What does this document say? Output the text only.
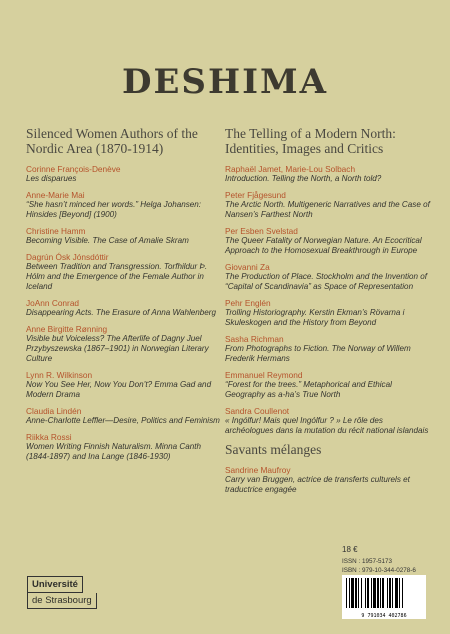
DESHIMA
Silenced Women Authors of the Nordic Area (1870-1914)
Corinne François-Denève
Les disparues
Anne-Marie Mai
“She hasn’t minced her words.” Helga Johansen: Hinsides [Beyond] (1900)
Christine Hamm
Becoming Visible. The Case of Amalie Skram
Dagrún Ósk Jónsdóttir
Between Tradition and Transgression. Torfhildur Þ. Hólm and the Emergence of the Female Author in Iceland
JoAnn Conrad
Disappearing Acts. The Erasure of Anna Wahlenberg
Anne Birgitte Rønning
Visible but Voiceless? The Afterlife of Dagny Juel Przybyszewska (1867–1901) in Norwegian Literary Culture
Lynn R. Wilkinson
Now You See Her, Now You Don’t? Emma Gad and Modern Drama
Claudia Lindén
Anne-Charlotte Leffler—Desire, Politics and Feminism
Riikka Rossi
Women Writing Finnish Naturalism. Minna Canth (1844-1897) and Ina Lange (1846-1930)
The Telling of a Modern North: Identities, Images and Critics
Raphaël Jamet, Marie-Lou Solbach
Introduction. Telling the North, a North told?
Peter Fjågesund
The Arctic North. Multigeneric Narratives and the Case of Nansen’s Farthest North
Per Esben Svelstad
The Queer Fatality of Norwegian Nature. An Ecocritical Approach to the Homosexual Breakthrough in Europe
Giovanni Za
The Production of Place. Stockholm and the Invention of “Capital of Scandinavia” as Space of Representation
Pehr Englén
Trolling Historiography. Kerstin Ekman’s Rövarna i Skuleskogen and the History from Beyond
Sasha Richman
From Photographs to Fiction. The Norway of Willem Frederik Hermans
Emmanuel Reymond
“Forest for the trees.” Metaphorical and Ethical Geography as a-ha’s True North
Sandra Coullenot
« Ingólfur! Mais quel Ingólfur ? » Le rôle des archéologues dans la mutation du récit national islandais
Savants mélanges
Sandrine Maufroy
Carry van Bruggen, actrice de transferts culturels et traductrice engagée
Université
de Strasbourg
18 €
ISSN : 1957-5173
ISBN : 979-10-344-0278-6
9 791034 402786
